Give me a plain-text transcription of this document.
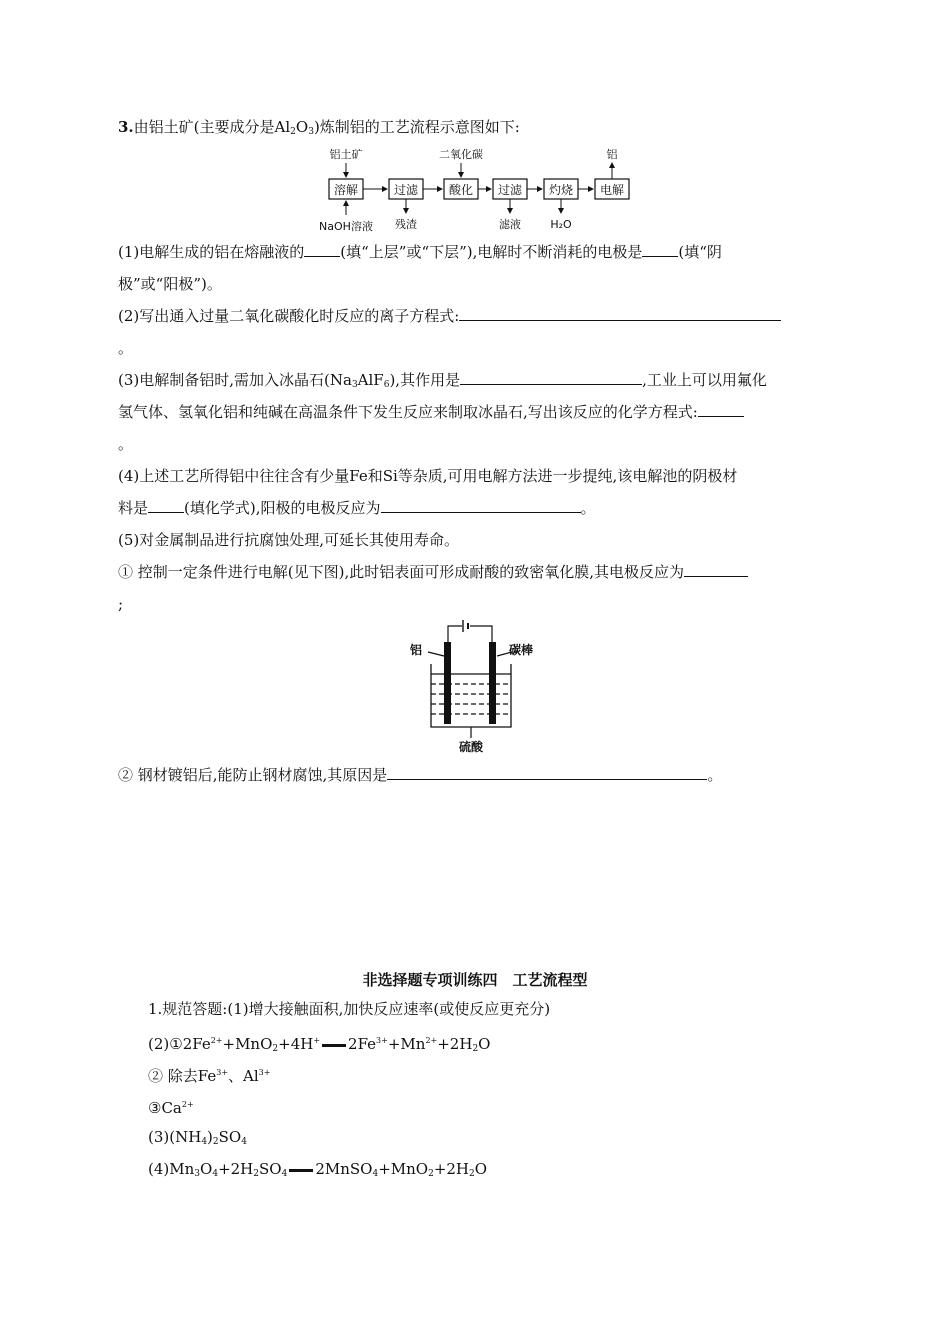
3.由铝土矿(主要成分是$Al_2O_3$)炼制铝的工艺流程示意图如下:
溶解	过滤	酸化 过滤 灼烧 电解
铝土矿	二氧化碳	铝
NaOH溶液 残渣	滤液	H₂O
(1)电解生成的铝在熔融液的 (填“上层”或“下层”),电解时不断消耗的电极是 (填“阴
极”或“阳极”)。
(2)写出通入过量二氧化碳酸化时反应的离子方程式:
。
(3)电解制备铝时,需加入冰晶石$(Na_3AlF_6)$,其作用是	,工业上可以用氟化
氢气体、氢氧化铝和纯碱在高温条件下发生反应来制取冰晶石,写出该反应的化学方程式:
。
(4)上述工艺所得铝中往往含有少量Fe和Si等杂质,可用电解方法进一步提纯,该电解池的阴极材
料是 (填化学式),阳极的电极反应为	。
(5)对金属制品进行抗腐蚀处理,可延长其使用寿命。
① 控制一定条件进行电解(见下图),此时铝表面可形成耐酸的致密氧化膜,其电极反应为
;
铝	碳棒
硫酸
② 钢材镀铝后,能防止钢材腐蚀,其原因是	。
非选择题专项训练四　工艺流程型
1.规范答题:(1)增大接触面积,加快反应速率(或使反应更充分)
$(2)①2Fe^{2+}+MnO_2+4H^+$ $2Fe^{3+}+Mn^{2+}+2H_2O$
② 除去$Fe^{3+}$、$Al^{3+}$
$③Ca^{2+}$
$(3)(NH_4)_2SO_4$
$(4)Mn_3O_4+2H_2SO_4$ $2MnSO_4+MnO_2+2H_2O$
